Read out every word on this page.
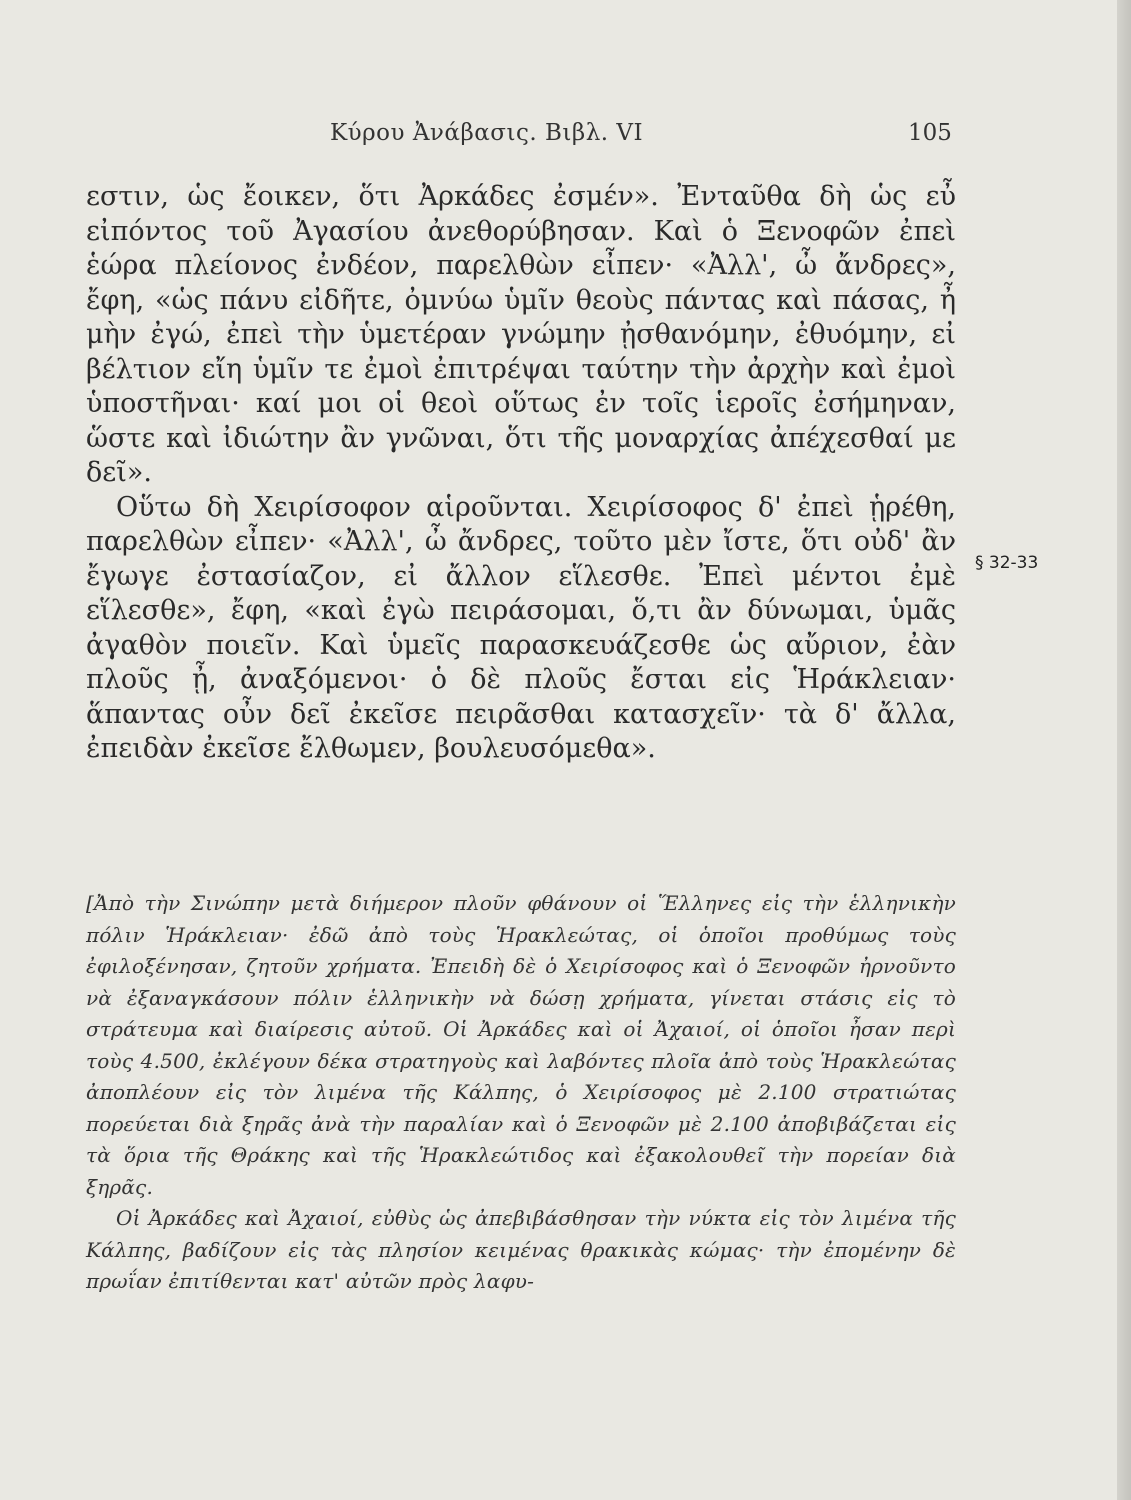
Κύρου Ἀνάβασις. Βιβλ. VI	105

εστιν, ὡς ἔοικεν, ὅτι Ἀρκάδες ἐσμέν». Ἐνταῦθα δὴ ὡς εὖ εἰπόντος τοῦ Ἀγασίου ἀνεθορύβησαν. Καὶ ὁ Ξενοφῶν ἐπεὶ ἑώρα πλείονος ἐνδέον, παρελθὼν εἶπεν· «Ἀλλ', ὦ ἄνδρες», ἔφη, «ὡς πάνυ εἰδῆτε, ὀμνύω ὑμῖν θεοὺς πάντας καὶ πάσας, ἦ μὴν ἐγώ, ἐπεὶ τὴν ὑμετέραν γνώμην ᾐσθανόμην, ἐθυόμην, εἰ βέλτιον εἴη ὑμῖν τε ἐμοὶ ἐπιτρέψαι ταύτην τὴν ἀρχὴν καὶ ἐμοὶ ὑποστῆναι· καί μοι οἱ θεοὶ οὕτως ἐν τοῖς ἱεροῖς ἐσήμηναν, ὥστε καὶ ἰδιώτην ἂν γνῶναι, ὅτι τῆς μοναρχίας ἀπέχεσθαί με δεῖ».

Οὕτω δὴ Χειρίσοφον αἱροῦνται. Χειρίσοφος δ' ἐπεὶ ᾑρέθη, παρελθὼν εἶπεν· «Ἀλλ', ὦ ἄνδρες, τοῦτο μὲν ἴστε, ὅτι οὐδ' ἂν ἔγωγε ἐστασίαζον, εἰ ἄλλον εἵλεσθε. Ἐπεὶ μέντοι ἐμὲ εἵλεσθε», ἔφη, «καὶ ἐγὼ πειράσομαι, ὅ,τι ἂν δύνωμαι, ὑμᾶς ἀγαθὸν ποιεῖν. Καὶ ὑμεῖς παρασκευάζεσθε ὡς αὔριον, ἐὰν πλοῦς ᾖ, ἀναξόμενοι· ὁ δὲ πλοῦς ἔσται εἰς Ἡράκλειαν· ἅπαντας οὖν δεῖ ἐκεῖσε πειρᾶσθαι κατασχεῖν· τὰ δ' ἄλλα, ἐπειδὰν ἐκεῖσε ἔλθωμεν, βουλευσόμεθα».

§ 32-33

[Ἀπὸ τὴν Σινώπην μετὰ διήμερον πλοῦν φθάνουν οἱ Ἕλληνες εἰς τὴν ἑλληνικὴν πόλιν Ἡράκλειαν· ἐδῶ ἀπὸ τοὺς Ἡρακλεώτας, οἱ ὁποῖοι προθύμως τοὺς ἐφιλοξένησαν, ζητοῦν χρήματα. Ἐπειδὴ δὲ ὁ Χειρίσοφος καὶ ὁ Ξενοφῶν ἠρνοῦντο νὰ ἐξαναγκάσουν πόλιν ἑλληνικὴν νὰ δώσῃ χρήματα, γίνεται στάσις εἰς τὸ στράτευμα καὶ διαίρεσις αὐτοῦ. Οἱ Ἀρκάδες καὶ οἱ Ἀχαιοί, οἱ ὁποῖοι ἦσαν περὶ τοὺς 4.500, ἐκλέγουν δέκα στρατηγοὺς καὶ λαβόντες πλοῖα ἀπὸ τοὺς Ἡρακλεώτας ἀποπλέουν εἰς τὸν λιμένα τῆς Κάλπης, ὁ Χειρίσοφος μὲ 2.100 στρατιώτας πορεύεται διὰ ξηρᾶς ἀνὰ τὴν παραλίαν καὶ ὁ Ξενοφῶν μὲ 2.100 ἀποβιβάζεται εἰς τὰ ὅρια τῆς Θράκης καὶ τῆς Ἡρακλεώτιδος καὶ ἐξακολουθεῖ τὴν πορείαν διὰ ξηρᾶς.

Οἱ Ἀρκάδες καὶ Ἀχαιοί, εὐθὺς ὡς ἀπεβιβάσθησαν τὴν νύκτα εἰς τὸν λιμένα τῆς Κάλπης, βαδίζουν εἰς τὰς πλησίον κειμένας θρακικὰς κώμας· τὴν ἐπομένην δὲ πρωΐαν ἐπιτίθενται κατ' αὐτῶν πρὸς λαφυ-
